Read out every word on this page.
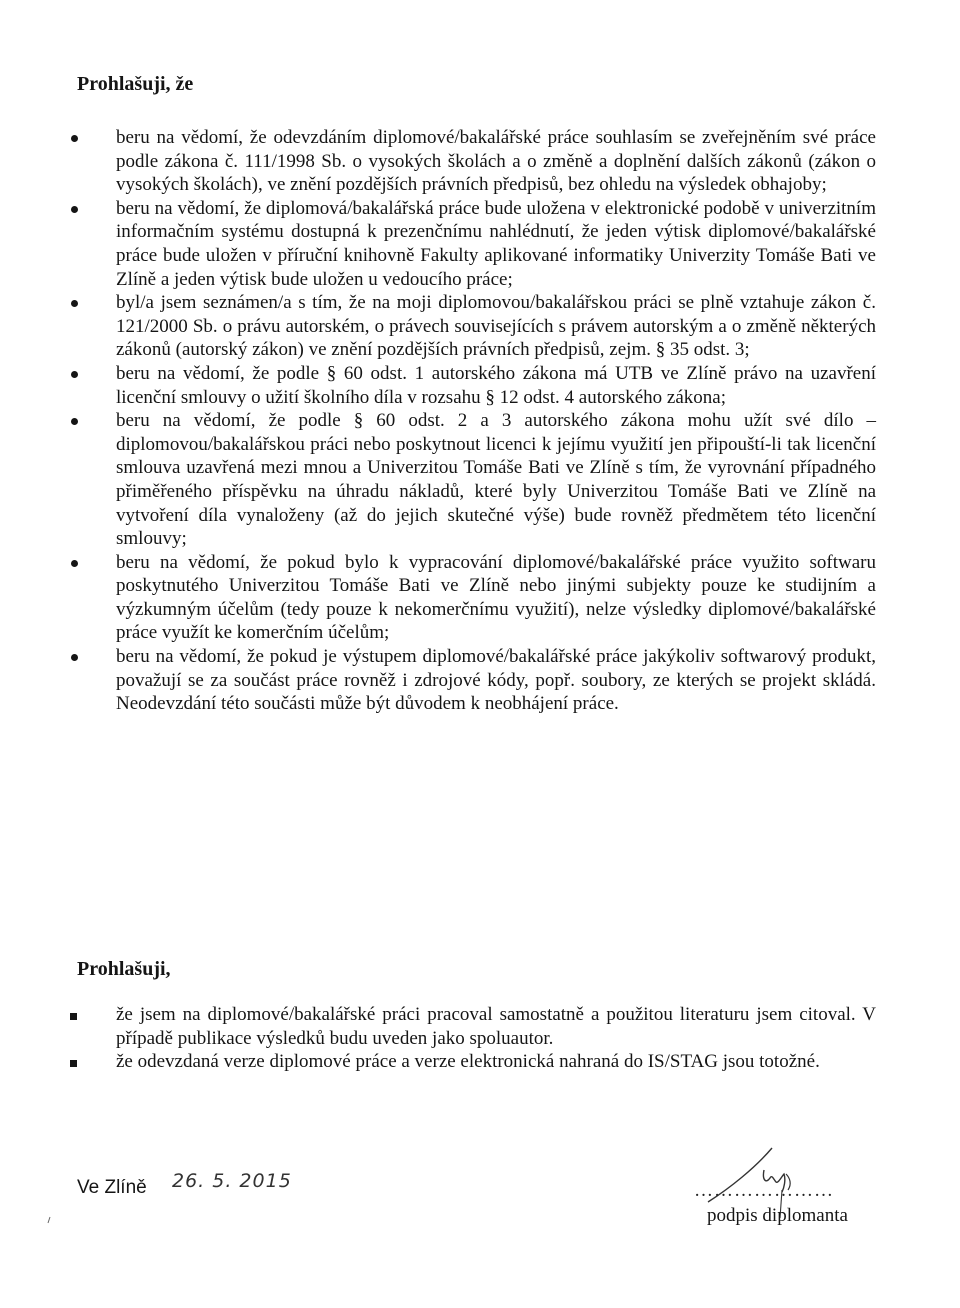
Prohlašuji, že
beru na vědomí, že odevzdáním diplomové/bakalářské práce souhlasím se zveřejněním své práce podle zákona č. 111/1998 Sb. o vysokých školách a o změně a doplnění dalších zákonů (zákon o vysokých školách), ve znění pozdějších právních předpisů, bez ohledu na výsledek obhajoby;
beru na vědomí, že diplomová/bakalářská práce bude uložena v elektronické podobě v univerzitním informačním systému dostupná k prezenčnímu nahlédnutí, že jeden výtisk diplomové/bakalářské práce bude uložen v příruční knihovně Fakulty aplikované informatiky Univerzity Tomáše Bati ve Zlíně a jeden výtisk bude uložen u vedoucího práce;
byl/a jsem seznámen/a s tím, že na moji diplomovou/bakalářskou práci se plně vztahuje zákon č. 121/2000 Sb. o právu autorském, o právech souvisejících s právem autorským a o změně některých zákonů (autorský zákon) ve znění pozdějších právních předpisů, zejm. § 35 odst. 3;
beru na vědomí, že podle § 60 odst. 1 autorského zákona má UTB ve Zlíně právo na uzavření licenční smlouvy o užití školního díla v rozsahu § 12 odst. 4 autorského zákona;
beru na vědomí, že podle § 60 odst. 2 a 3 autorského zákona mohu užít své dílo – diplomovou/bakalářskou práci nebo poskytnout licenci k jejímu využití jen připouští-li tak licenční smlouva uzavřená mezi mnou a Univerzitou Tomáše Bati ve Zlíně s tím, že vyrovnání případného přiměřeného příspěvku na úhradu nákladů, které byly Univerzitou Tomáše Bati ve Zlíně na vytvoření díla vynaloženy (až do jejich skutečné výše) bude rovněž předmětem této licenční smlouvy;
beru na vědomí, že pokud bylo k vypracování diplomové/bakalářské práce využito softwaru poskytnutého Univerzitou Tomáše Bati ve Zlíně nebo jinými subjekty pouze ke studijním a výzkumným účelům (tedy pouze k nekomerčnímu využití), nelze výsledky diplomové/bakalářské práce využít ke komerčním účelům;
beru na vědomí, že pokud je výstupem diplomové/bakalářské práce jakýkoliv softwarový produkt, považují se za součást práce rovněž i zdrojové kódy, popř. soubory, ze kterých se projekt skládá. Neodevzdání této součásti může být důvodem k neobhájení práce.
Prohlašuji,
že jsem na diplomové/bakalářské práci pracoval samostatně a použitou literaturu jsem citoval. V případě publikace výsledků budu uveden jako spoluautor.
že odevzdaná verze diplomové práce a verze elektronická nahraná do IS/STAG jsou totožné.
Ve Zlíně 26. 5. 2015	…………………
podpis diplomanta
